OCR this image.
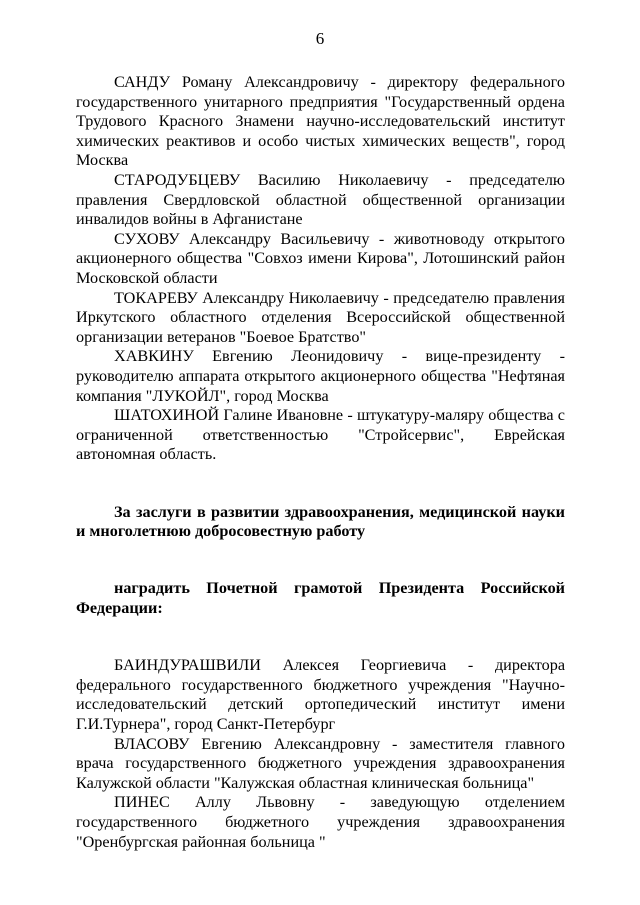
6

САНДУ Роману Александровичу - директору федерального государственного унитарного предприятия "Государственный ордена Трудового Красного Знамени научно-исследовательский институт химических реактивов и особо чистых химических веществ", город Москва

СТАРОДУБЦЕВУ Василию Николаевичу - председателю правления Свердловской областной общественной организации инвалидов войны в Афганистане

СУХОВУ Александру Васильевичу - животноводу открытого акционерного общества "Совхоз имени Кирова", Лотошинский район Московской области

ТОКАРЕВУ Александру Николаевичу - председателю правления Иркутского областного отделения Всероссийской общественной организации ветеранов "Боевое Братство"

ХАВКИНУ Евгению Леонидовичу - вице-президенту - руководителю аппарата открытого акционерного общества "Нефтяная компания "ЛУКОЙЛ", город Москва

ШАТОХИНОЙ Галине Ивановне - штукатуру-маляру общества с ограниченной ответственностью "Стройсервис", Еврейская автономная область.

За заслуги в развитии здравоохранения, медицинской науки и многолетнюю добросовестную работу

наградить Почетной грамотой Президента Российской Федерации:

БАИНДУРАШВИЛИ Алексея Георгиевича - директора федерального государственного бюджетного учреждения "Научно-исследовательский детский ортопедический институт имени Г.И.Турнера", город Санкт-Петербург

ВЛАСОВУ Евгению Александровну - заместителя главного врача государственного бюджетного учреждения здравоохранения Калужской области "Калужская областная клиническая больница"

ПИНЕС Аллу Львовну - заведующую отделением государственного бюджетного учреждения здравоохранения "Оренбургская районная больница "
